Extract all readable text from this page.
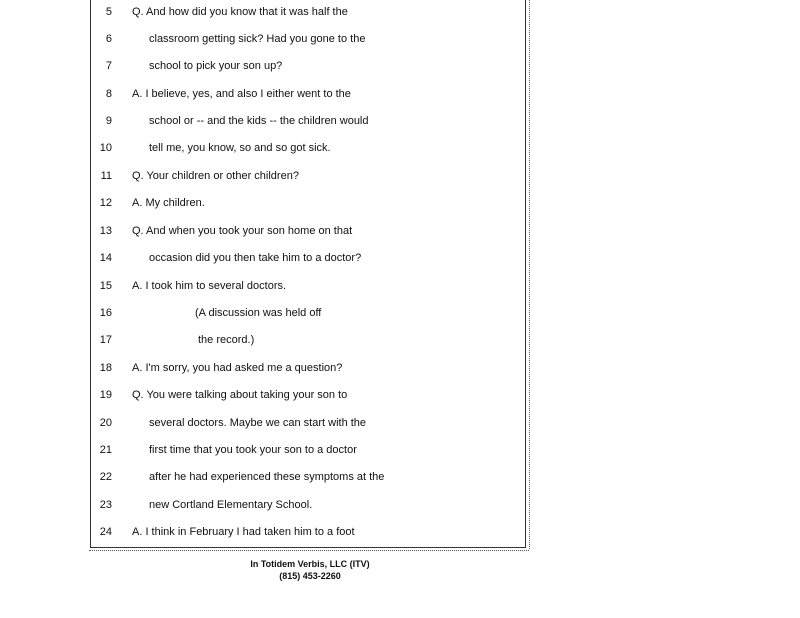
5 Q. And how did you know that it was half the
6	classroom getting sick? Had you gone to the
7	school to pick your son up?
8 A. I believe, yes, and also I either went to the
9	school or -- and the kids -- the children would
10	tell me, you know, so and so got sick.
11 Q. Your children or other children?
12 A. My children.
13 Q. And when you took your son home on that
14	occasion did you then take him to a doctor?
15 A. I took him to several doctors.
16	(A discussion was held off
17	the record.)
18 A. I'm sorry, you had asked me a question?
19 Q. You were talking about taking your son to
20	several doctors. Maybe we can start with the
21	first time that you took your son to a doctor
22	after he had experienced these symptoms at the
23	new Cortland Elementary School.
24 A. I think in February I had taken him to a foot
In Totidem Verbis, LLC (ITV)
(815) 453-2260
